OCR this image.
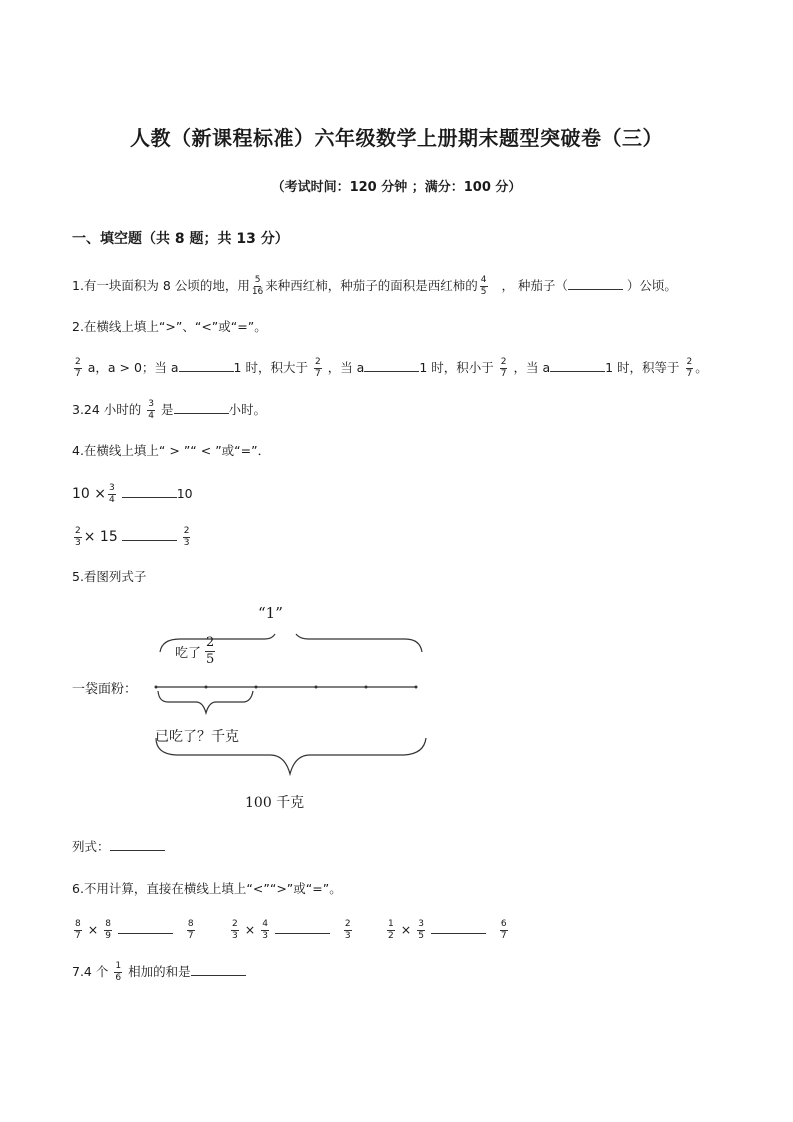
人教（新课程标准）六年级数学上册期末题型突破卷（三）
（考试时间：120 分钟 ；满分：100 分）
一、填空题（共 8 题；共 13 分）
1.有一块面积为 8 公顷的地，用 $\frac{5}{16}$ 来种西红柿，种茄子的面积是西红柿的 $\frac{4}{5}$ ， 种茄子（	）公顷。
2.在横线上填上“>”、“<”或“=”。
$\frac{2}{7}$ a，a > 0；当 a	1 时，积大于 $\frac{2}{7}$ ，当 a	1 时，积小于 $\frac{2}{7}$ ，当 a	1 时，积等于 $\frac{2}{7}$ 。
3.24 小时的 $\frac{3}{4}$ 是	小时。
4.在横线上填上“ > ”“ < ”或“=”．
$10 \times \frac{3}{4}$	10
$\frac{2}{3} \times 15$	$\frac{2}{3}$
5.看图列式子
“1”
吃了 $\frac{2}{5}$
一袋面粉：
已吃了？千克
100 千克
列式：
6.不用计算，直接在横线上填上“<”“>”或“=”。
$\frac{8}{7} \times \frac{8}{9}$
	$\frac{8}{7}$	$\frac{2}{3} \times \frac{4}{3}$
	$\frac{2}{3}$	$\frac{1}{2} \times \frac{3}{5}$
	$\frac{6}{7}$
7.4 个 $\frac{1}{6}$ 相加的和是
